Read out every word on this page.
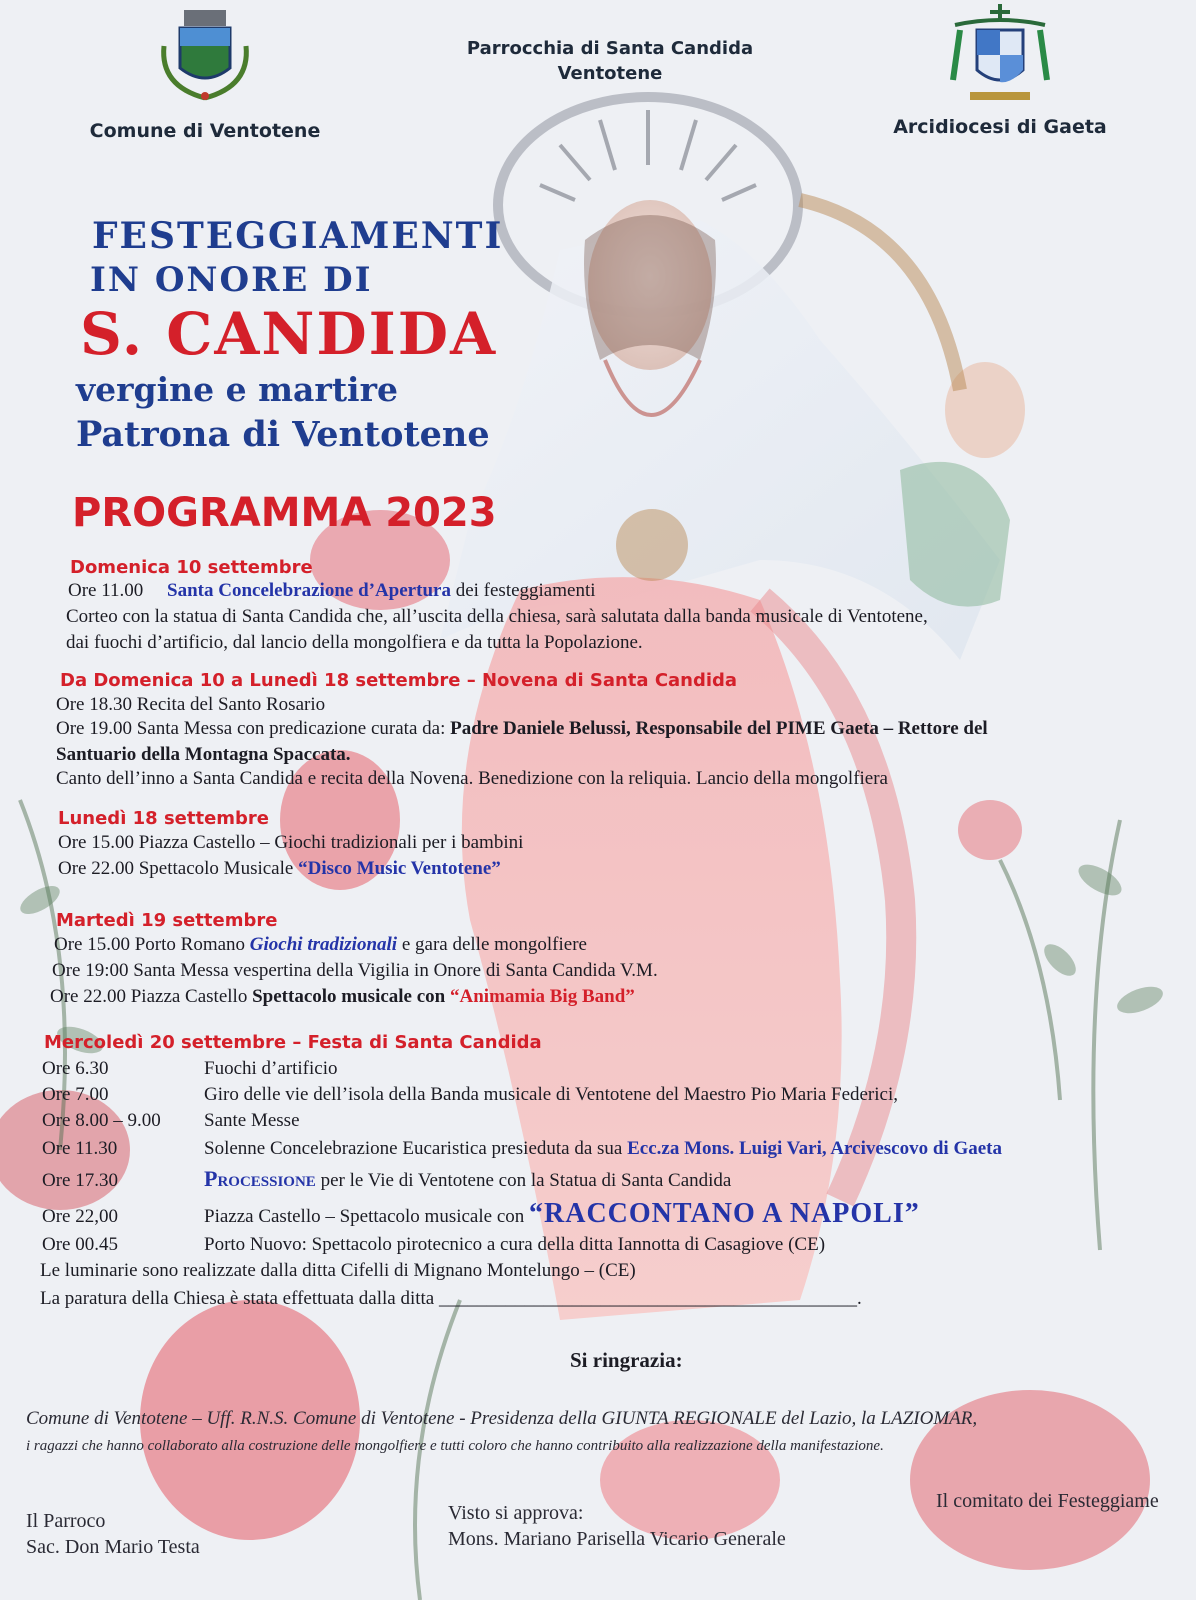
Comune di Ventotene
Parrocchia di Santa Candida
Ventotene
Arcidiocesi di Gaeta
FESTEGGIAMENTI
IN ONORE DI
S. CANDIDA
vergine e martire
Patrona di Ventotene
PROGRAMMA 2023
Domenica 10 settembre
Ore 11.00 Santa Concelebrazione d’Apertura dei festeggiamenti
Corteo con la statua di Santa Candida che, all’uscita della chiesa, sarà salutata dalla banda musicale di Ventotene,
dai fuochi d’artificio, dal lancio della mongolfiera e da tutta la Popolazione.
Da Domenica 10 a Lunedì 18 settembre – Novena di Santa Candida
Ore 18.30 Recita del Santo Rosario
Ore 19.00 Santa Messa con predicazione curata da: Padre Daniele Belussi, Responsabile del PIME Gaeta – Rettore del
Santuario della Montagna Spaccata.
Canto dell’inno a Santa Candida e recita della Novena. Benedizione con la reliquia. Lancio della mongolfiera
Lunedì 18 settembre
Ore 15.00 Piazza Castello – Giochi tradizionali per i bambini
Ore 22.00 Spettacolo Musicale “Disco Music Ventotene”
Martedì 19 settembre
Ore 15.00 Porto Romano Giochi tradizionali e gara delle mongolfiere
Ore 19:00 Santa Messa vespertina della Vigilia in Onore di Santa Candida V.M.
Ore 22.00 Piazza Castello Spettacolo musicale con “Animamia Big Band”
Mercoledì 20 settembre – Festa di Santa Candida
Ore 6.30	Fuochi d’artificio
Ore 7.00	Giro delle vie dell’isola della Banda musicale di Ventotene del Maestro Pio Maria Federici,
Ore 8.00 – 9.00 Sante Messe
Ore 11.30	Solenne Concelebrazione Eucaristica presieduta da sua Ecc.za Mons. Luigi Vari, Arcivescovo di Gaeta
Ore 17.30	Processione per le Vie di Ventotene con la Statua di Santa Candida
Ore 22,00	Piazza Castello – Spettacolo musicale con “RACCONTANO A NAPOLI”
Ore 00.45	Porto Nuovo: Spettacolo pirotecnico a cura della ditta Iannotta di Casagiove (CE)
Le luminarie sono realizzate dalla ditta Cifelli di Mignano Montelungo – (CE)
La paratura della Chiesa è stata effettuata dalla ditta ____________________________________________.
Si ringrazia:
Comune di Ventotene – Uff. R.N.S. Comune di Ventotene - Presidenza della GIUNTA REGIONALE del Lazio, la LAZIOMAR,
i ragazzi che hanno collaborato alla costruzione delle mongolfiere e tutti coloro che hanno contribuito alla realizzazione della manifestazione.
Il Parroco
Sac. Don Mario Testa
Visto si approva:
Mons. Mariano Parisella Vicario Generale
Il comitato dei Festeggiame
